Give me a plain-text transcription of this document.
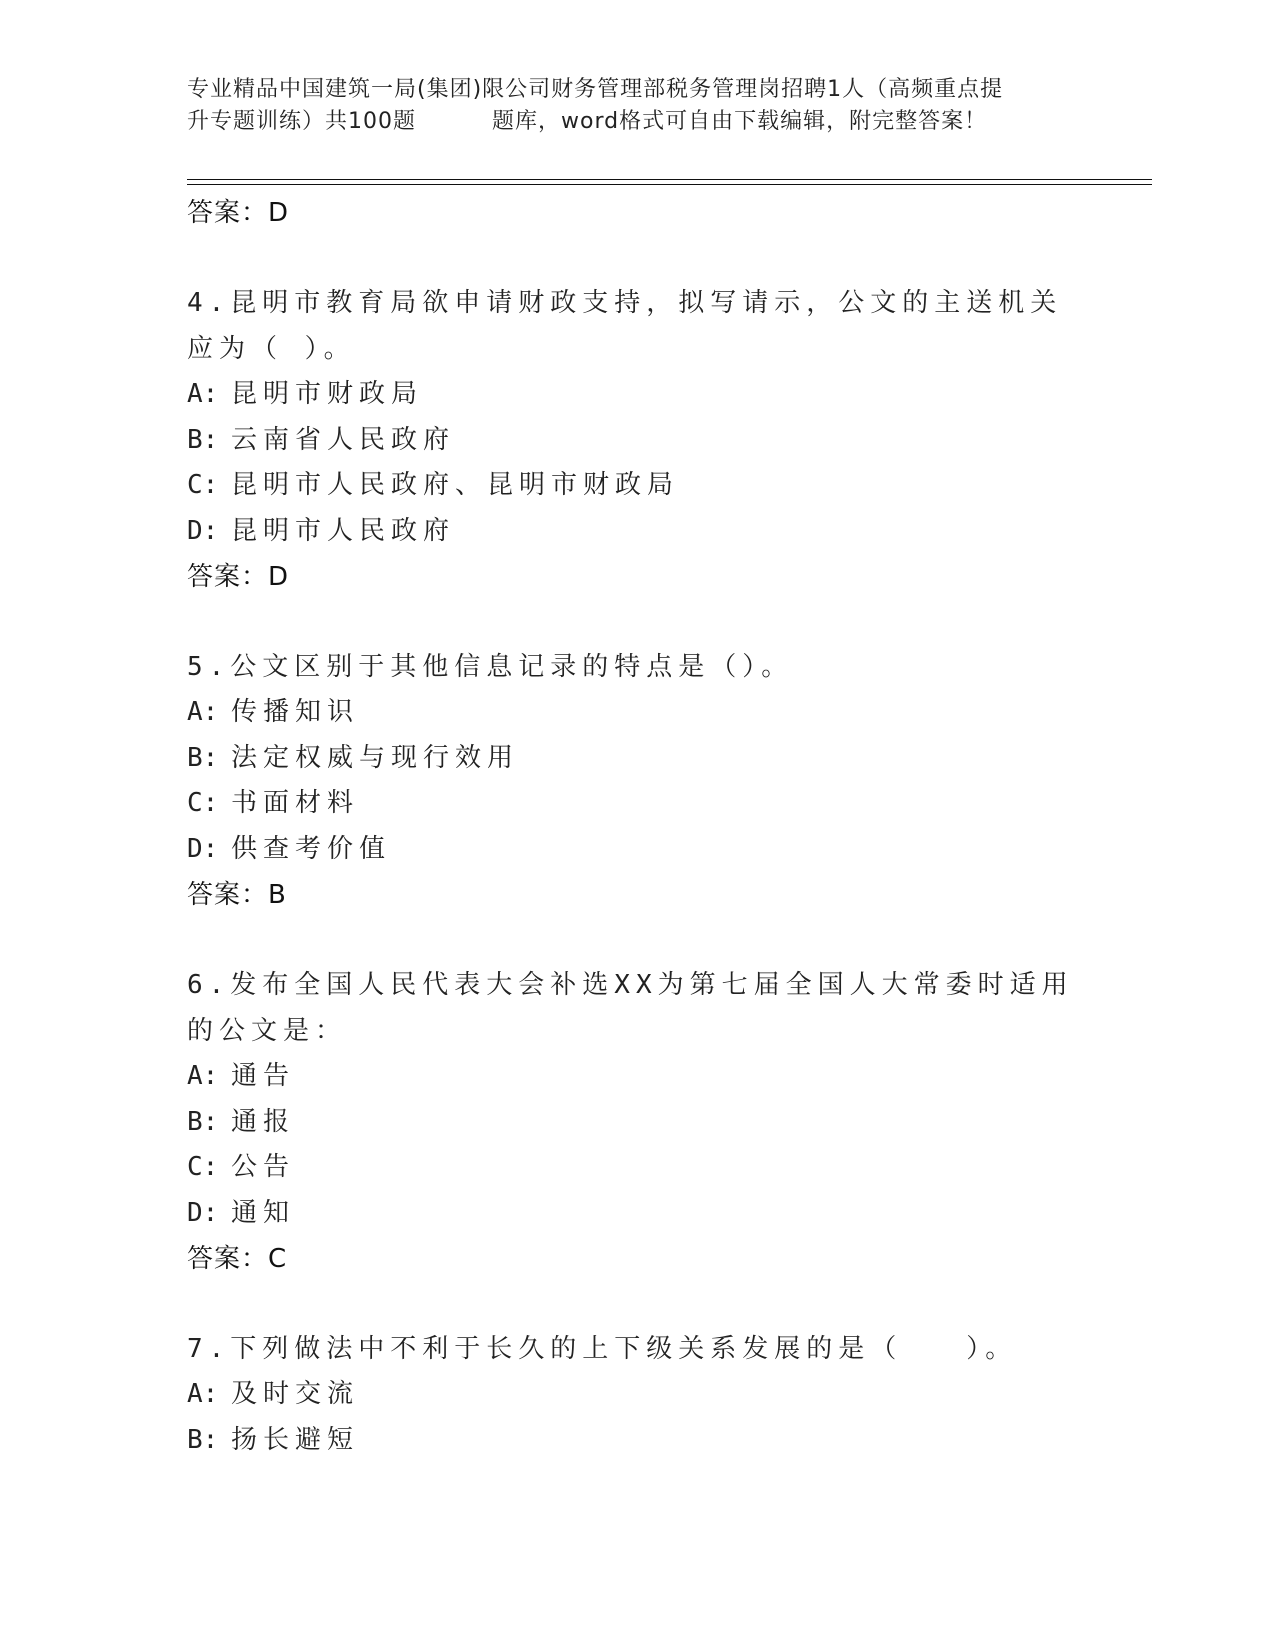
专业精品中国建筑一局(集团)限公司财务管理部税务管理岗招聘1人（高频重点提
升专题训练）共100题	题库，word格式可自由下载编辑，附完整答案！
答案：D
4.昆明市教育局欲申请财政支持，拟写请示，公文的主送机关应为（ ）。
A: 昆明市财政局
B: 云南省人民政府
C: 昆明市人民政府、昆明市财政局
D: 昆明市人民政府
答案：D
5.公文区别于其他信息记录的特点是（）。
A: 传播知识
B: 法定权威与现行效用
C: 书面材料
D: 供查考价值
答案：B
6.发布全国人民代表大会补选XX为第七届全国人大常委时适用的公文是：
A: 通告
B: 通报
C: 公告
D: 通知
答案：C
7.下列做法中不利于长久的上下级关系发展的是（　　）。
A: 及时交流
B: 扬长避短
